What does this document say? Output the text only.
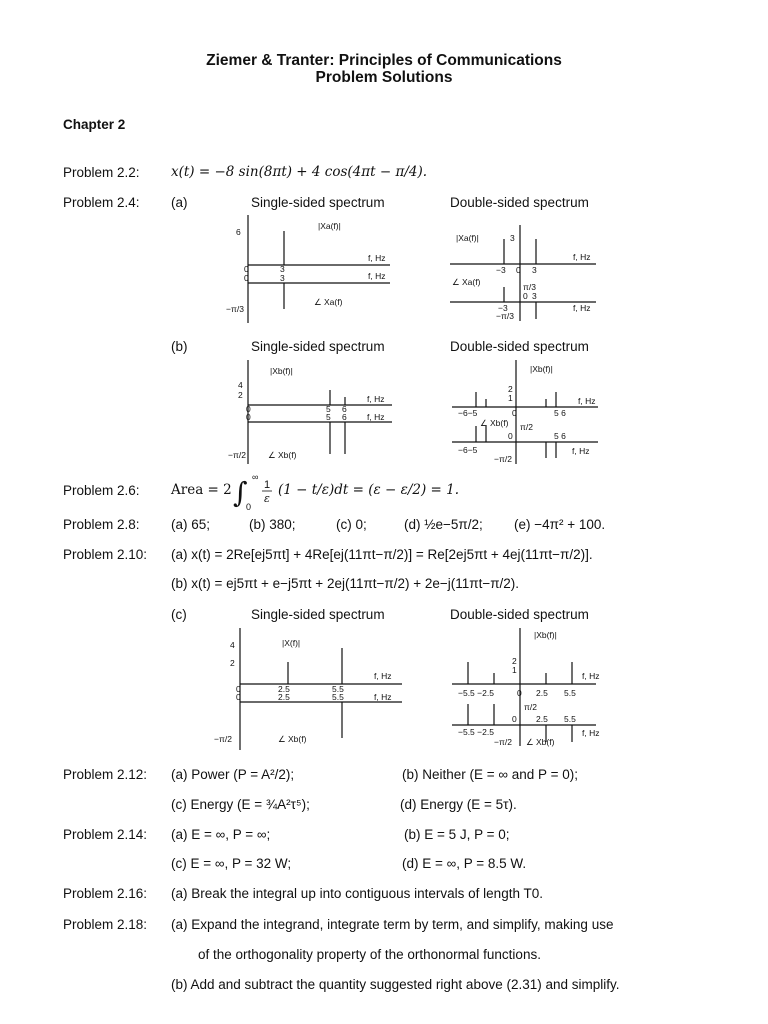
Ziemer & Tranter: Principles of Communications
Problem Solutions
Chapter 2
Problem 2.2: x(t) = −8 sin(8πt) + 4 cos(4πt − π/4).
Problem 2.4: (a)	Single-sided spectrum	Double-sided spectrum
6
|Xa(f)|
f, Hz
f, Hz
0
0
3
3
∠ Xa(f)
−π/3
|Xa(f)|	3
f, Hz
−3 0 3
∠ Xa(f)	π/3
0 3
−3
−π/3
f, Hz
(b)	Single-sided spectrum	Double-sided spectrum
|Xb(f)|
4
2	f, Hz
f, Hz
0
0
5 6
5 6
∠ Xb(f)
−π/2
|Xb(f)|
2
1	f, Hz
−6−5	0	5 6
∠ Xb(f) π/2
0	5 6
−6−5
−π/2
f, Hz
Problem 2.6: Area = 2 ∫ ∞
0
1
ε
(1 − t/ε)dt = (ε − ε/2) = 1.
Problem 2.8: (a) 65;	(b) 380;	(c) 0;	(d) ½e−5π/2; (e) −4π² + 100.
Problem 2.10: (a) x(t) = 2Re[ej5πt] + 4Re[ej(11πt−π/2)] = Re[2ej5πt + 4ej(11πt−π/2)].
(b) x(t) = ej5πt + e−j5πt + 2ej(11πt−π/2) + 2e−j(11πt−π/2).
(c)	Single-sided spectrum	Double-sided spectrum
4
2
|X(f)|
f, Hz
f, Hz
0
0
2.5
2.5
5.5
5.5
∠ Xb(f)
−π/2
|Xb(f)|
2
1
f, Hz
−5.5 −2.5	0 2.5 5.5
π/2
0 2.5 5.5
−5.5 −2.5
−π/2 ∠ Xb(f)
f, Hz
Problem 2.12: (a) Power (P = A²/2);	(b) Neither (E = ∞ and P = 0);
(c) Energy (E = ¾A²τ⁵);	(d) Energy (E = 5τ).
Problem 2.14: (a) E = ∞, P = ∞;	(b) E = 5 J, P = 0;
(c) E = ∞, P = 32 W;	(d) E = ∞, P = 8.5 W.
Problem 2.16: (a) Break the integral up into contiguous intervals of length T0.
Problem 2.18: (a) Expand the integrand, integrate term by term, and simplify, making use
of the orthogonality property of the orthonormal functions.
(b) Add and subtract the quantity suggested right above (2.31) and simplify.
